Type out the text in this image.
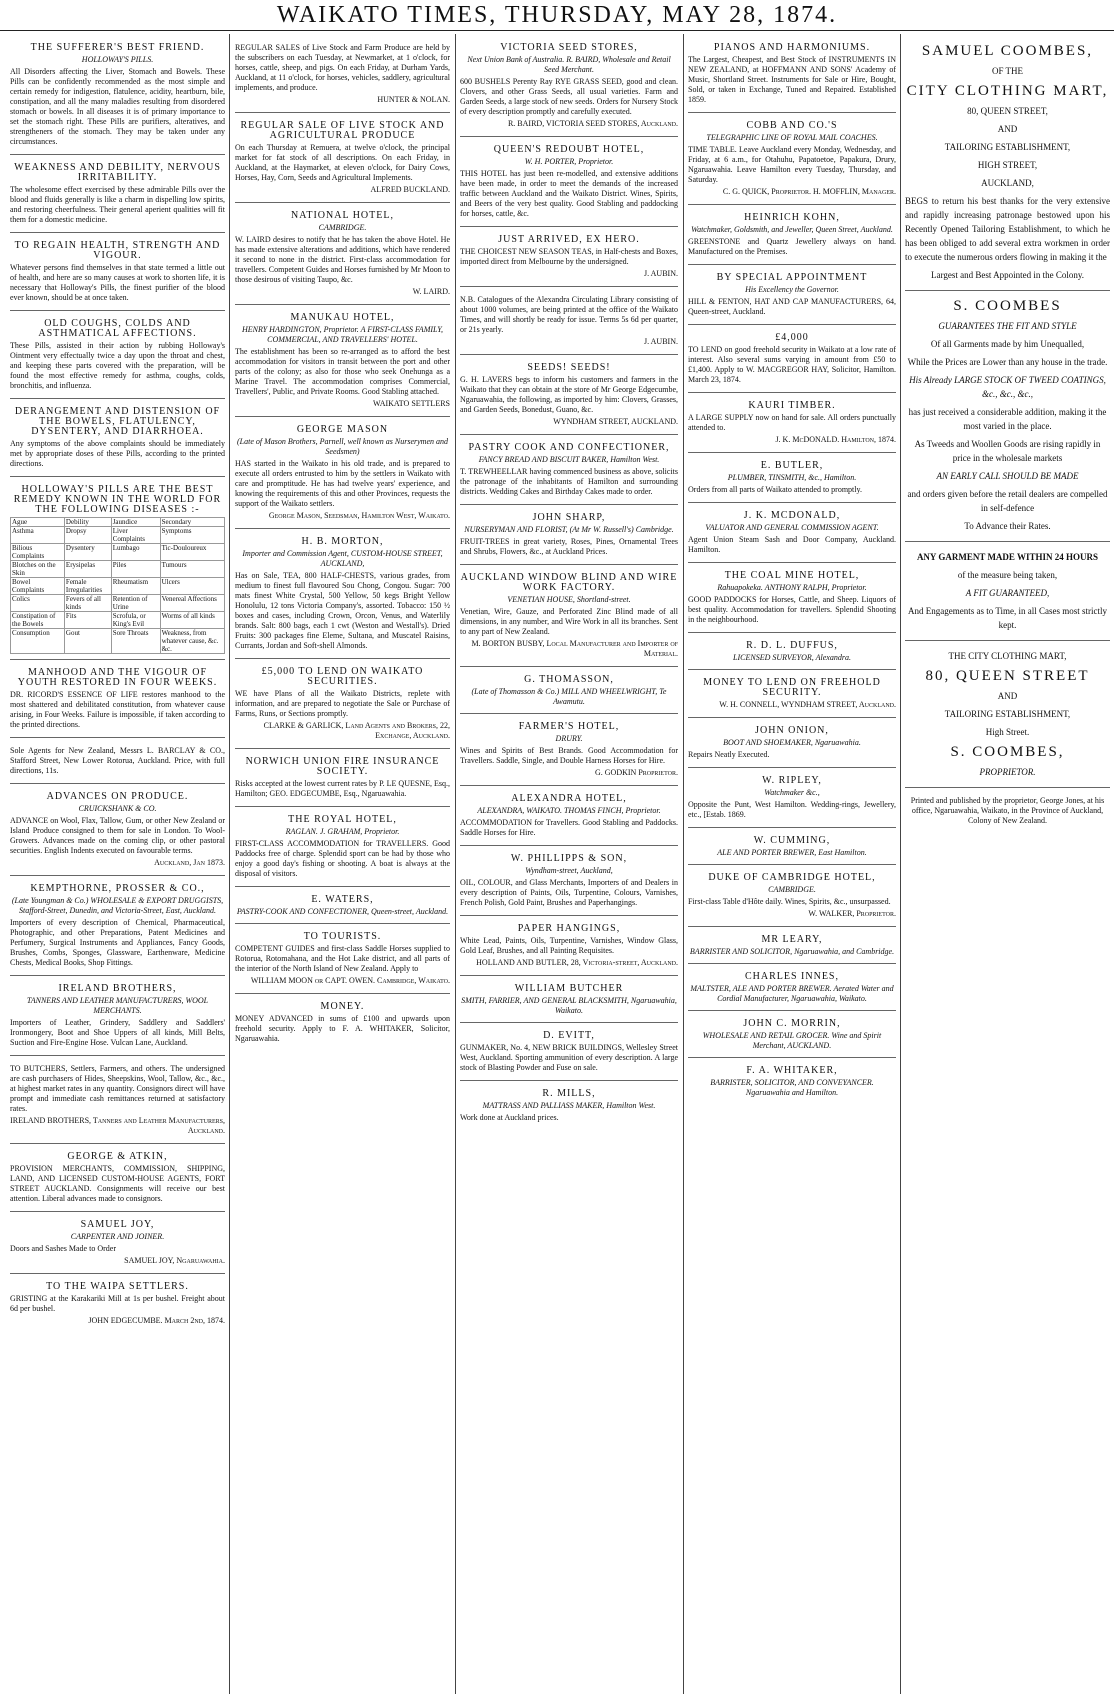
WAIKATO TIMES, THURSDAY, MAY 28, 1874.
THE SUFFERER'S BEST FRIEND.
HOLLOWAY'S PILLS.
All Disorders affecting the Liver, Stomach and Bowels. These Pills can be confidently recommended as the most simple and certain remedy for indigestion, flatulence, acidity, heartburn, bile, constipation, and all the many maladies resulting from disordered stomach or bowels. In all diseases it is of primary importance to set the stomach right. These Pills are purifiers, alteratives, and strengtheners of the stomach. They may be taken under any circumstances.
WEAKNESS AND DEBILITY, NERVOUS IRRITABILITY.
The wholesome effect exercised by these admirable Pills over the blood and fluids generally is like a charm in dispelling low spirits, and restoring cheerfulness. Their general aperient qualities will fit them for a domestic medicine.
TO REGAIN HEALTH, STRENGTH AND VIGOUR.
Whatever persons find themselves in that state termed a little out of health, and here are so many causes at work to shorten life, it is necessary that Holloway's Pills, the finest purifier of the blood ever known, should be at once taken.
OLD COUGHS, COLDS AND ASTHMATICAL AFFECTIONS.
These Pills, assisted in their action by rubbing Holloway's Ointment very effectually twice a day upon the throat and chest, and keeping these parts covered with the preparation, will be found the most effective remedy for asthma, coughs, colds, bronchitis, and influenza.
DERANGEMENT AND DISTENSION OF THE BOWELS, FLATULENCY, DYSENTERY, AND DIARRHOEA.
Any symptoms of the above complaints should be immediately met by appropriate doses of these Pills, according to the printed directions.
HOLLOWAY'S PILLS ARE THE BEST REMEDY KNOWN IN THE WORLD FOR THE FOLLOWING DISEASES :-
Ague	Debility	Jaundice	Secondary
Asthma	Dropsy	Liver Complaints	Symptoms
Bilious Complaints	Dysentery	Lumbago	Tic-Douloureux
Blotches on the Skin	Erysipelas	Piles	Tumours
Bowel Complaints	Female Irregularities	Rheumatism	Ulcers
Colics	Fevers of all kinds	Retention of Urine	Venereal Affections
Constipation of the Bowels	Fits	Scrofula, or King's Evil	Worms of all kinds
Consumption	Gout	Sore Throats	Weakness, from whatever cause, &c. &c.
MANHOOD AND THE VIGOUR OF YOUTH RESTORED IN FOUR WEEKS.
DR. RICORD'S ESSENCE OF LIFE restores manhood to the most shattered and debilitated constitution, from whatever cause arising, in Four Weeks. Failure is impossible, if taken according to the printed directions.
Sole Agents for New Zealand, Messrs L. BARCLAY & CO., Stafford Street, New Lower Rotorua, Auckland. Price, with full directions, 11s.
ADVANCES ON PRODUCE.
CRUICKSHANK & CO.
ADVANCE on Wool, Flax, Tallow, Gum, or other New Zealand or Island Produce consigned to them for sale in London. To Wool-Growers. Advances made on the coming clip, or other pastoral securities. English Indents executed on favourable terms.
Auckland, Jan 1873.
KEMPTHORNE, PROSSER & CO.,
(Late Youngman & Co.) WHOLESALE & EXPORT DRUGGISTS, Stafford-Street, Dunedin, and Victoria-Street, East, Auckland.
Importers of every description of Chemical, Pharmaceutical, Photographic, and other Preparations, Patent Medicines and Perfumery, Surgical Instruments and Appliances, Fancy Goods, Brushes, Combs, Sponges, Glassware, Earthenware, Medicine Chests, Medical Books, Shop Fittings.
IRELAND BROTHERS,
TANNERS AND LEATHER MANUFACTURERS, WOOL MERCHANTS.
Importers of Leather, Grindery, Saddlery and Saddlers' Ironmongery, Boot and Shoe Uppers of all kinds, Mill Belts, Suction and Fire-Engine Hose. Vulcan Lane, Auckland.
TO BUTCHERS, Settlers, Farmers, and others. The undersigned are cash purchasers of Hides, Sheepskins, Wool, Tallow, &c., &c., at highest market rates in any quantity. Consignors direct will have prompt and immediate cash remittances returned at satisfactory rates.
IRELAND BROTHERS, Tanners and Leather Manufacturers, Auckland.
GEORGE & ATKIN,
PROVISION MERCHANTS, COMMISSION, SHIPPING, LAND, AND LICENSED CUSTOM-HOUSE AGENTS, FORT STREET AUCKLAND. Consignments will receive our best attention. Liberal advances made to consignors.
SAMUEL JOY,
CARPENTER AND JOINER.
Doors and Sashes Made to Order
SAMUEL JOY, Ngaruawahia.
TO THE WAIPA SETTLERS.
GRISTING at the Karakariki Mill at 1s per bushel. Freight about 6d per bushel.
JOHN EDGECUMBE. March 2nd, 1874.
REGULAR SALES of Live Stock and Farm Produce are held by the subscribers on each Tuesday, at Newmarket, at 1 o'clock, for horses, cattle, sheep, and pigs. On each Friday, at Durham Yards, Auckland, at 11 o'clock, for horses, vehicles, saddlery, agricultural implements, and produce.
HUNTER & NOLAN.
REGULAR SALE OF LIVE STOCK AND AGRICULTURAL PRODUCE
On each Thursday at Remuera, at twelve o'clock, the principal market for fat stock of all descriptions. On each Friday, in Auckland, at the Haymarket, at eleven o'clock, for Dairy Cows, Horses, Hay, Corn, Seeds and Agricultural Implements.
ALFRED BUCKLAND.
NATIONAL HOTEL,
CAMBRIDGE.
W. LAIRD desires to notify that he has taken the above Hotel. He has made extensive alterations and additions, which have rendered it second to none in the district. First-class accommodation for travellers. Competent Guides and Horses furnished by Mr Moon to those desirous of visiting Taupo, &c.
W. LAIRD.
MANUKAU HOTEL,
HENRY HARDINGTON, Proprietor. A FIRST-CLASS FAMILY, COMMERCIAL, AND TRAVELLERS' HOTEL.
The establishment has been so re-arranged as to afford the best accommodation for visitors in transit between the port and other parts of the colony; as also for those who seek Onehunga as a Marine Travel. The accommodation comprises Commercial, Travellers', Public, and Private Rooms. Good Stabling attached.
WAIKATO SETTLERS
GEORGE MASON
(Late of Mason Brothers, Parnell, well known as Nurserymen and Seedsmen)
HAS started in the Waikato in his old trade, and is prepared to execute all orders entrusted to him by the settlers in Waikato with care and promptitude. He has had twelve years' experience, and knowing the requirements of this and other Provinces, requests the support of the Waikato settlers.
George Mason, Seedsman, Hamilton West, Waikato.
H. B. MORTON,
Importer and Commission Agent, CUSTOM-HOUSE STREET, AUCKLAND,
Has on Sale, TEA, 800 HALF-CHESTS, various grades, from medium to finest full flavoured Sou Chong, Congou. Sugar: 700 mats finest White Crystal, 500 Yellow, 50 kegs Bright Yellow Honolulu, 12 tons Victoria Company's, assorted. Tobacco: 150 ½ boxes and cases, including Crown, Orcon, Venus, and Waterlily brands. Salt: 800 bags, each 1 cwt (Weston and Westall's). Dried Fruits: 300 packages fine Eleme, Sultana, and Muscatel Raisins, Currants, Jordan and Soft-shell Almonds.
£5,000 TO LEND ON WAIKATO SECURITIES.
WE have Plans of all the Waikato Districts, replete with information, and are prepared to negotiate the Sale or Purchase of Farms, Runs, or Sections promptly.
CLARKE & GARLICK, Land Agents and Brokers, 22, Exchange, Auckland.
NORWICH UNION FIRE INSURANCE SOCIETY.
Risks accepted at the lowest current rates by P. LE QUESNE, Esq., Hamilton; GEO. EDGECUMBE, Esq., Ngaruawahia.
THE ROYAL HOTEL,
RAGLAN. J. GRAHAM, Proprietor.
FIRST-CLASS ACCOMMODATION for TRAVELLERS. Good Paddocks free of charge. Splendid sport can be had by those who enjoy a good day's fishing or shooting. A boat is always at the disposal of visitors.
E. WATERS,
PASTRY-COOK AND CONFECTIONER, Queen-street, Auckland.
TO TOURISTS.
COMPETENT GUIDES and first-class Saddle Horses supplied to Rotorua, Rotomahana, and the Hot Lake district, and all parts of the interior of the North Island of New Zealand. Apply to
WILLIAM MOON or CAPT. OWEN. Cambridge, Waikato.
MONEY.
MONEY ADVANCED in sums of £100 and upwards upon freehold security. Apply to F. A. WHITAKER, Solicitor, Ngaruawahia.
VICTORIA SEED STORES,
Next Union Bank of Australia. R. BAIRD, Wholesale and Retail Seed Merchant.
600 BUSHELS Perenty Ray RYE GRASS SEED, good and clean. Clovers, and other Grass Seeds, all usual varieties. Farm and Garden Seeds, a large stock of new seeds. Orders for Nursery Stock of every description promptly and carefully executed.
R. BAIRD, VICTORIA SEED STORES, Auckland.
QUEEN'S REDOUBT HOTEL,
W. H. PORTER, Proprietor.
THIS HOTEL has just been re-modelled, and extensive additions have been made, in order to meet the demands of the increased traffic between Auckland and the Waikato District. Wines, Spirits, and Beers of the very best quality. Good Stabling and paddocking for horses, cattle, &c.
JUST ARRIVED, EX HERO.
THE CHOICEST NEW SEASON TEAS, in Half-chests and Boxes, imported direct from Melbourne by the undersigned.
J. AUBIN.
N.B. Catalogues of the Alexandra Circulating Library consisting of about 1000 volumes, are being printed at the office of the Waikato Times, and will shortly be ready for issue. Terms 5s 6d per quarter, or 21s yearly.
J. AUBIN.
SEEDS! SEEDS!
G. H. LAVERS begs to inform his customers and farmers in the Waikato that they can obtain at the store of Mr George Edgecumbe, Ngaruawahia, the following, as imported by him: Clovers, Grasses, and Garden Seeds, Bonedust, Guano, &c.
WYNDHAM STREET, AUCKLAND.
PASTRY COOK AND CONFECTIONER,
FANCY BREAD AND BISCUIT BAKER, Hamilton West.
T. TREWHEELLAR having commenced business as above, solicits the patronage of the inhabitants of Hamilton and surrounding districts. Wedding Cakes and Birthday Cakes made to order.
JOHN SHARP,
NURSERYMAN AND FLORIST, (At Mr W. Russell's) Cambridge.
FRUIT-TREES in great variety, Roses, Pines, Ornamental Trees and Shrubs, Flowers, &c., at Auckland Prices.
AUCKLAND WINDOW BLIND AND WIRE WORK FACTORY.
VENETIAN HOUSE, Shortland-street.
Venetian, Wire, Gauze, and Perforated Zinc Blind made of all dimensions, in any number, and Wire Work in all its branches. Sent to any part of New Zealand.
M. BORTON BUSBY, Local Manufacturer and Importer of Material.
G. THOMASSON,
(Late of Thomasson & Co.) MILL AND WHEELWRIGHT, Te Awamutu.
FARMER'S HOTEL,
DRURY.
Wines and Spirits of Best Brands. Good Accommodation for Travellers. Saddle, Single, and Double Harness Horses for Hire.
G. GODKIN Proprietor.
ALEXANDRA HOTEL,
ALEXANDRA, WAIKATO. THOMAS FINCH, Proprietor.
ACCOMMODATION for Travellers. Good Stabling and Paddocks. Saddle Horses for Hire.
W. PHILLIPPS & SON,
Wyndham-street, Auckland,
OIL, COLOUR, and Glass Merchants, Importers of and Dealers in every description of Paints, Oils, Turpentine, Colours, Varnishes, French Polish, Gold Paint, Brushes and Paperhangings.
PAPER HANGINGS,
White Lead, Paints, Oils, Turpentine, Varnishes, Window Glass, Gold Leaf, Brushes, and all Painting Requisites.
HOLLAND AND BUTLER, 28, Victoria-street, Auckland.
WILLIAM BUTCHER
SMITH, FARRIER, AND GENERAL BLACKSMITH, Ngaruawahia, Waikato.
D. EVITT,
GUNMAKER, No. 4, NEW BRICK BUILDINGS, Wellesley Street West, Auckland. Sporting ammunition of every description. A large stock of Blasting Powder and Fuse on sale.
R. MILLS,
MATTRASS AND PALLIASS MAKER, Hamilton West.
Work done at Auckland prices.
PIANOS AND HARMONIUMS.
The Largest, Cheapest, and Best Stock of INSTRUMENTS IN NEW ZEALAND, at HOFFMANN AND SONS' Academy of Music, Shortland Street. Instruments for Sale or Hire, Bought, Sold, or taken in Exchange, Tuned and Repaired. Established 1859.
COBB AND CO.'S
TELEGRAPHIC LINE OF ROYAL MAIL COACHES.
TIME TABLE. Leave Auckland every Monday, Wednesday, and Friday, at 6 a.m., for Otahuhu, Papatoetoe, Papakura, Drury, Ngaruawahia. Leave Hamilton every Tuesday, Thursday, and Saturday.
C. G. QUICK, Proprietor. H. MOFFLIN, Manager.
HEINRICH KOHN,
Watchmaker, Goldsmith, and Jeweller, Queen Street, Auckland.
GREENSTONE and Quartz Jewellery always on hand. Manufactured on the Premises.
BY SPECIAL APPOINTMENT
His Excellency the Governor.
HILL & FENTON, HAT AND CAP MANUFACTURERS, 64, Queen-street, Auckland.
£4,000
TO LEND on good freehold security in Waikato at a low rate of interest. Also several sums varying in amount from £50 to £1,400. Apply to W. MACGREGOR HAY, Solicitor, Hamilton. March 23, 1874.
KAURI TIMBER.
A LARGE SUPPLY now on hand for sale. All orders punctually attended to.
J. K. McDONALD. Hamilton, 1874.
E. BUTLER,
PLUMBER, TINSMITH, &c., Hamilton.
Orders from all parts of Waikato attended to promptly.
J. K. MCDONALD,
VALUATOR AND GENERAL COMMISSION AGENT.
Agent Union Steam Sash and Door Company, Auckland. Hamilton.
THE COAL MINE HOTEL,
Rahuapokeka. ANTHONY RALPH, Proprietor.
GOOD PADDOCKS for Horses, Cattle, and Sheep. Liquors of best quality. Accommodation for travellers. Splendid Shooting in the neighbourhood.
R. D. L. DUFFUS,
LICENSED SURVEYOR, Alexandra.
MONEY TO LEND ON FREEHOLD SECURITY.
W. H. CONNELL, WYNDHAM STREET, Auckland.
JOHN ONION,
BOOT AND SHOEMAKER, Ngaruawahia.
Repairs Neatly Executed.
W. RIPLEY,
Watchmaker &c.,
Opposite the Punt, West Hamilton. Wedding-rings, Jewellery, etc., [Estab. 1869.
W. CUMMING,
ALE AND PORTER BREWER, East Hamilton.
DUKE OF CAMBRIDGE HOTEL,
CAMBRIDGE.
First-class Table d'Hôte daily. Wines, Spirits, &c., unsurpassed.
W. WALKER, Proprietor.
MR LEARY,
BARRISTER AND SOLICITOR, Ngaruawahia, and Cambridge.
CHARLES INNES,
MALTSTER, ALE AND PORTER BREWER. Aerated Water and Cordial Manufacturer, Ngaruawahia, Waikato.
JOHN C. MORRIN,
WHOLESALE AND RETAIL GROCER. Wine and Spirit Merchant, AUCKLAND.
F. A. WHITAKER,
BARRISTER, SOLICITOR, AND CONVEYANCER. Ngaruawahia and Hamilton.

SAMUEL COOMBES,

OF THE

CITY CLOTHING MART,

80, QUEEN STREET,

AND

TAILORING ESTABLISHMENT,

HIGH STREET,

AUCKLAND,

BEGS to return his best thanks for the very extensive and rapidly increasing patronage bestowed upon his Recently Opened Tailoring Establishment, to which he has been obliged to add several extra workmen in order to execute the numerous orders flowing in making it the

Largest and Best Appointed in the Colony.

S. COOMBES

GUARANTEES THE FIT AND STYLE

Of all Garments made by him Unequalled,

While the Prices are Lower than any house in the trade.

His Already LARGE STOCK OF TWEED COATINGS, &c., &c., &c.,

has just received a considerable addition, making it the most varied in the place.

As Tweeds and Woollen Goods are rising rapidly in price in the wholesale markets

AN EARLY CALL SHOULD BE MADE

and orders given before the retail dealers are compelled in self-defence

To Advance their Rates.

ANY GARMENT MADE WITHIN 24 HOURS

of the measure being taken,

A FIT GUARANTEED,

And Engagements as to Time, in all Cases most strictly kept.

THE CITY CLOTHING MART,

80, QUEEN STREET

AND

TAILORING ESTABLISHMENT,

High Street.

S. COOMBES,

PROPRIETOR.

Printed and published by the proprietor, George Jones, at his office, Ngaruawahia, Waikato, in the Province of Auckland, Colony of New Zealand.
